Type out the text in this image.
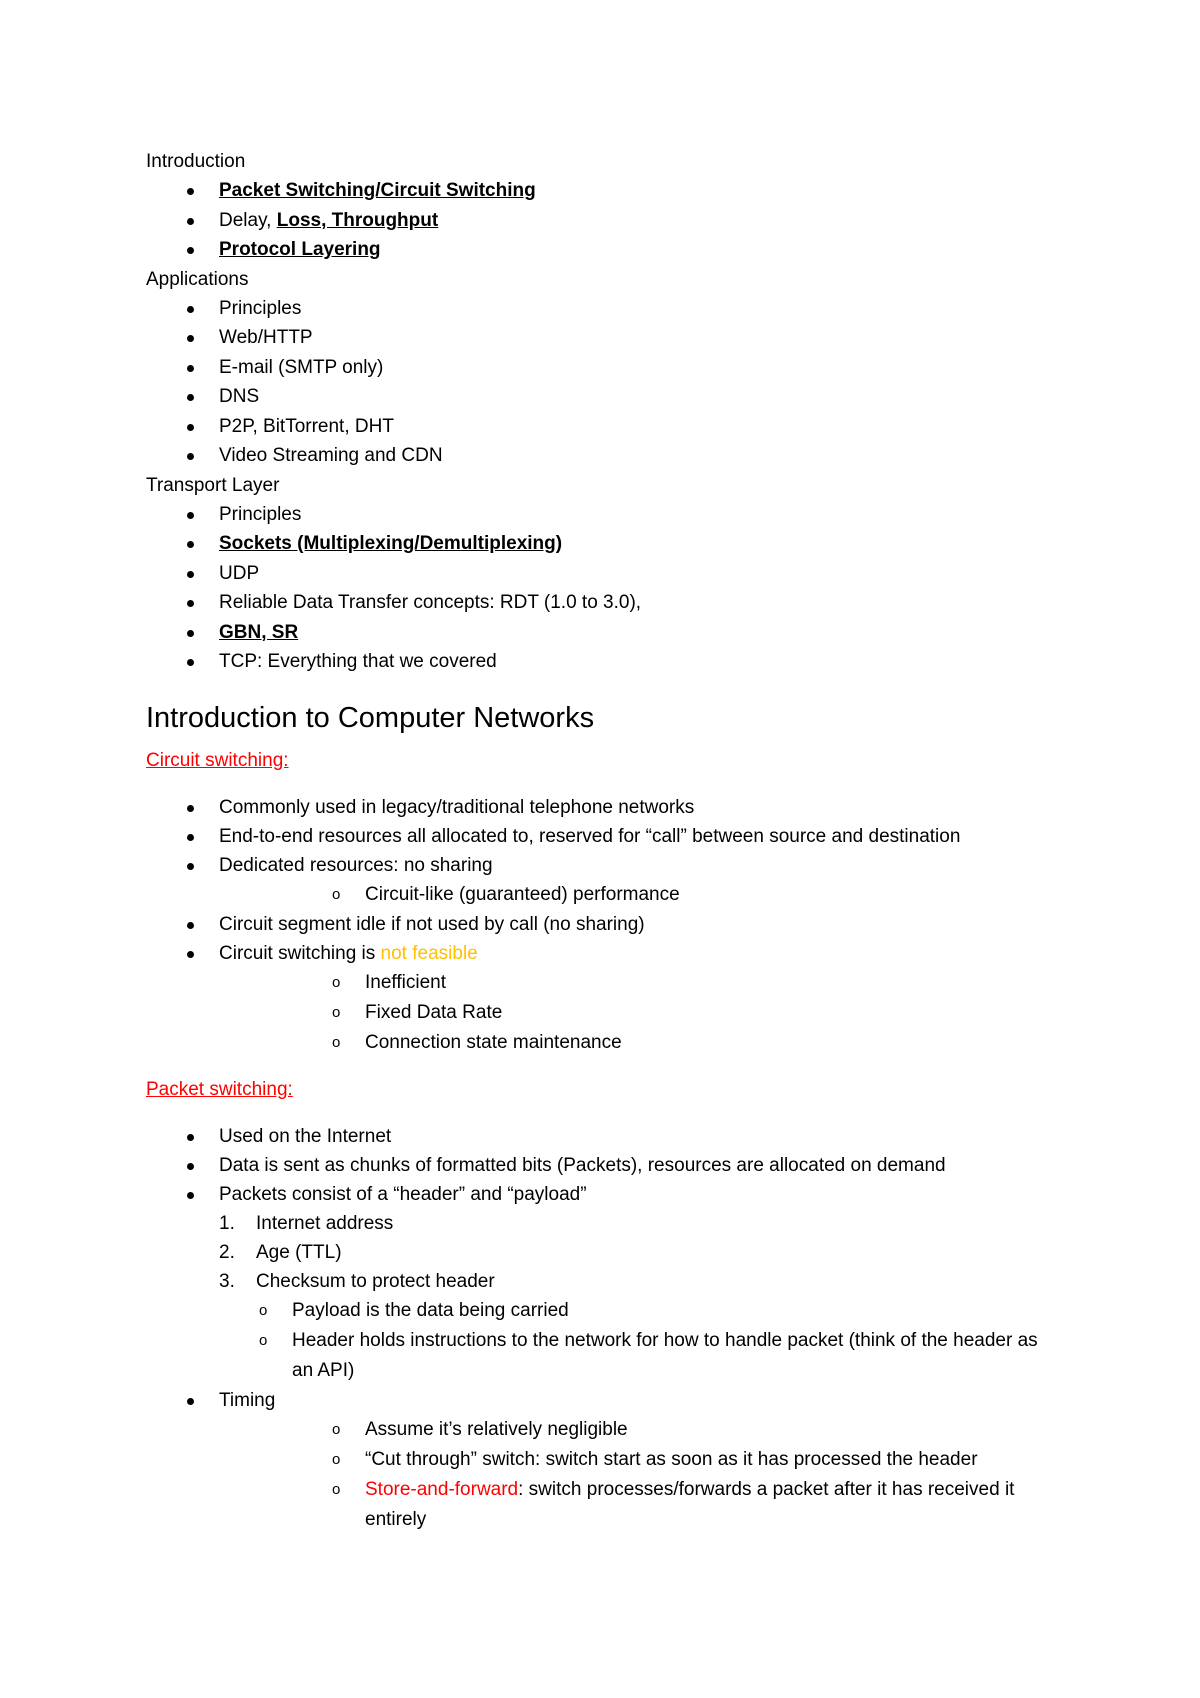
Introduction
Packet Switching/Circuit Switching
Delay, Loss, Throughput
Protocol Layering
Applications
Principles
Web/HTTP
E-mail (SMTP only)
DNS
P2P, BitTorrent, DHT
Video Streaming and CDN
Transport Layer
Principles
Sockets (Multiplexing/Demultiplexing)
UDP
Reliable Data Transfer concepts: RDT (1.0 to 3.0),
GBN, SR
TCP: Everything that we covered
Introduction to Computer Networks
Circuit switching:
Commonly used in legacy/traditional telephone networks
End-to-end resources all allocated to, reserved for “call” between source and destination
Dedicated resources: no sharing
o Circuit-like (guaranteed) performance
Circuit segment idle if not used by call (no sharing)
Circuit switching is not feasible
o Inefficient
o Fixed Data Rate
o Connection state maintenance
Packet switching:
Used on the Internet
Data is sent as chunks of formatted bits (Packets), resources are allocated on demand
Packets consist of a “header” and “payload”
1. Internet address
2. Age (TTL)
3. Checksum to protect header
o Payload is the data being carried
o Header holds instructions to the network for how to handle packet (think of the header as an API)
Timing
o Assume it’s relatively negligible
o “Cut through” switch: switch start as soon as it has processed the header
o Store-and-forward: switch processes/forwards a packet after it has received it entirely
